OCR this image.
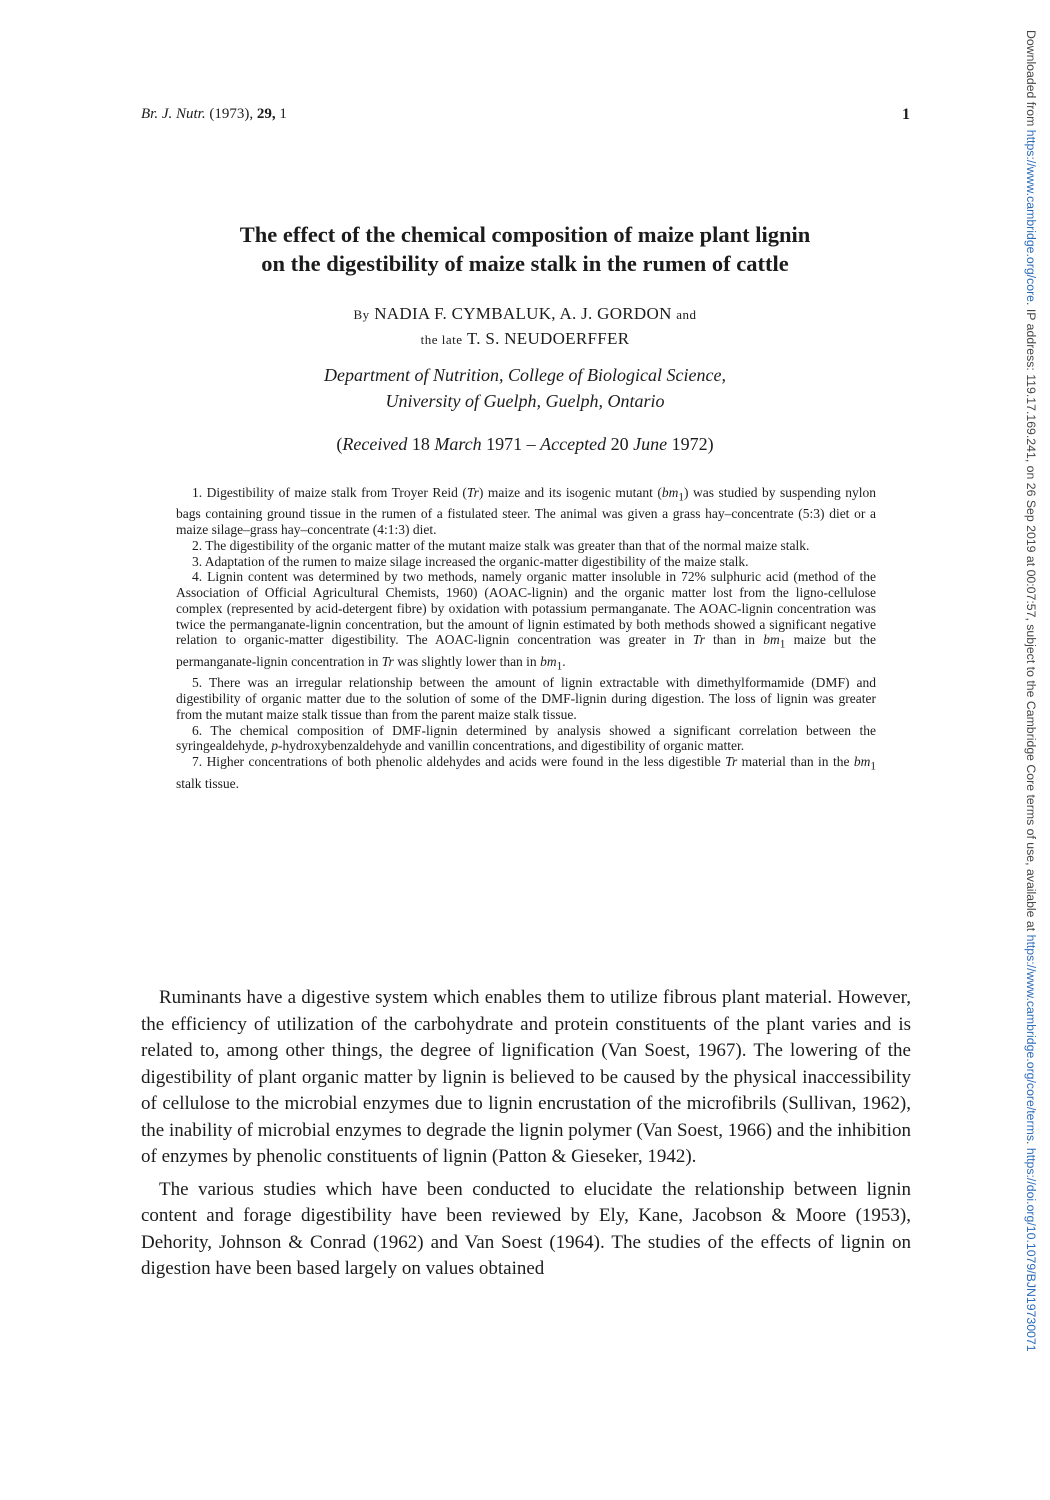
Br. J. Nutr. (1973), 29, 1	1
The effect of the chemical composition of maize plant lignin
on the digestibility of maize stalk in the rumen of cattle
By NADIA F. CYMBALUK, A. J. GORDON and
the late T. S. NEUDOERFFER
Department of Nutrition, College of Biological Science,
University of Guelph, Guelph, Ontario
(Received 18 March 1971 – Accepted 20 June 1972)

1. Digestibility of maize stalk from Troyer Reid (Tr) maize and its isogenic mutant $(bm_1)$ was studied by suspending nylon bags containing ground tissue in the rumen of a fistulated steer. The animal was given a grass hay–concentrate (5:3) diet or a maize silage–grass hay–concentrate (4:1:3) diet.

2. The digestibility of the organic matter of the mutant maize stalk was greater than that of the normal maize stalk.

3. Adaptation of the rumen to maize silage increased the organic-matter digestibility of the maize stalk.

4. Lignin content was determined by two methods, namely organic matter insoluble in 72% sulphuric acid (method of the Association of Official Agricultural Chemists, 1960) (AOAC-lignin) and the organic matter lost from the ligno-cellulose complex (represented by acid-detergent fibre) by oxidation with potassium permanganate. The AOAC-lignin concentration was twice the permanganate-lignin concentration, but the amount of lignin estimated by both methods showed a significant negative relation to organic-matter digestibility. The AOAC-lignin concentration was greater in Tr than in $bm_1$ maize but the permanganate-lignin concentration in Tr was slightly lower than in $bm_1$.

5. There was an irregular relationship between the amount of lignin extractable with dimethylformamide (DMF) and digestibility of organic matter due to the solution of some of the DMF-lignin during digestion. The loss of lignin was greater from the mutant maize stalk tissue than from the parent maize stalk tissue.

6. The chemical composition of DMF-lignin determined by analysis showed a significant correlation between the syringealdehyde, p-hydroxybenzaldehyde and vanillin concentrations, and digestibility of organic matter.

7. Higher concentrations of both phenolic aldehydes and acids were found in the less digestible Tr material than in the $bm_1$ stalk tissue.

Ruminants have a digestive system which enables them to utilize fibrous plant material. However, the efficiency of utilization of the carbohydrate and protein constituents of the plant varies and is related to, among other things, the degree of lignification (Van Soest, 1967). The lowering of the digestibility of plant organic matter by lignin is believed to be caused by the physical inaccessibility of cellulose to the microbial enzymes due to lignin encrustation of the microfibrils (Sullivan, 1962), the inability of microbial enzymes to degrade the lignin polymer (Van Soest, 1966) and the inhibition of enzymes by phenolic constituents of lignin (Patton & Gieseker, 1942).

The various studies which have been conducted to elucidate the relationship between lignin content and forage digestibility have been reviewed by Ely, Kane, Jacobson & Moore (1953), Dehority, Johnson & Conrad (1962) and Van Soest (1964). The studies of the effects of lignin on digestion have been based largely on values obtained

Downloaded from https://www.cambridge.org/core. IP address: 119.17.169.241, on 26 Sep 2019 at 00:07:57, subject to the Cambridge Core terms of use, available at https://www.cambridge.org/core/terms. https://doi.org/10.1079/BJN19730071
